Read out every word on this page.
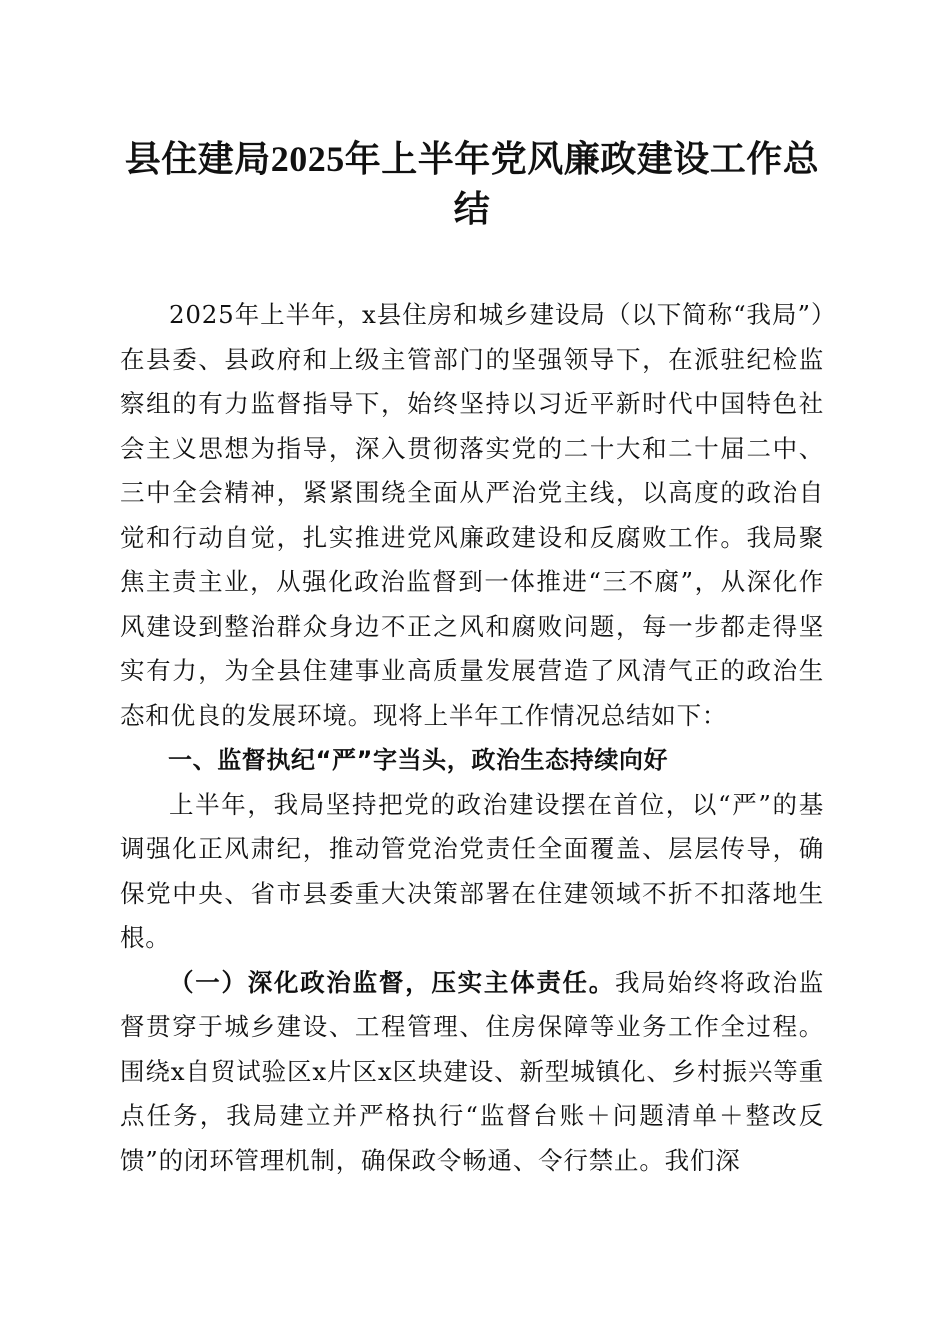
县住建局2025年上半年党风廉政建设工作总
结

2025年上半年，x县住房和城乡建设局（以下简称“我局”）在县委、县政府和上级主管部门的坚强领导下，在派驻纪检监察组的有力监督指导下，始终坚持以习近平新时代中国特色社会主义思想为指导，深入贯彻落实党的二十大和二十届二中、三中全会精神，紧紧围绕全面从严治党主线，以高度的政治自觉和行动自觉，扎实推进党风廉政建设和反腐败工作。我局聚焦主责主业，从强化政治监督到一体推进“三不腐”，从深化作风建设到整治群众身边不正之风和腐败问题，每一步都走得坚实有力，为全县住建事业高质量发展营造了风清气正的政治生态和优良的发展环境。现将上半年工作情况总结如下：

一、监督执纪“严”字当头，政治生态持续向好

上半年，我局坚持把党的政治建设摆在首位，以“严”的基调强化正风肃纪，推动管党治党责任全面覆盖、层层传导，确保党中央、省市县委重大决策部署在住建领域不折不扣落地生根。

（一）深化政治监督，压实主体责任。我局始终将政治监督贯穿于城乡建设、工程管理、住房保障等业务工作全过程。围绕x自贸试验区x片区x区块建设、新型城镇化、乡村振兴等重点任务，我局建立并严格执行“监督台账＋问题清单＋整改反馈”的闭环管理机制，确保政令畅通、令行禁止。我们深
